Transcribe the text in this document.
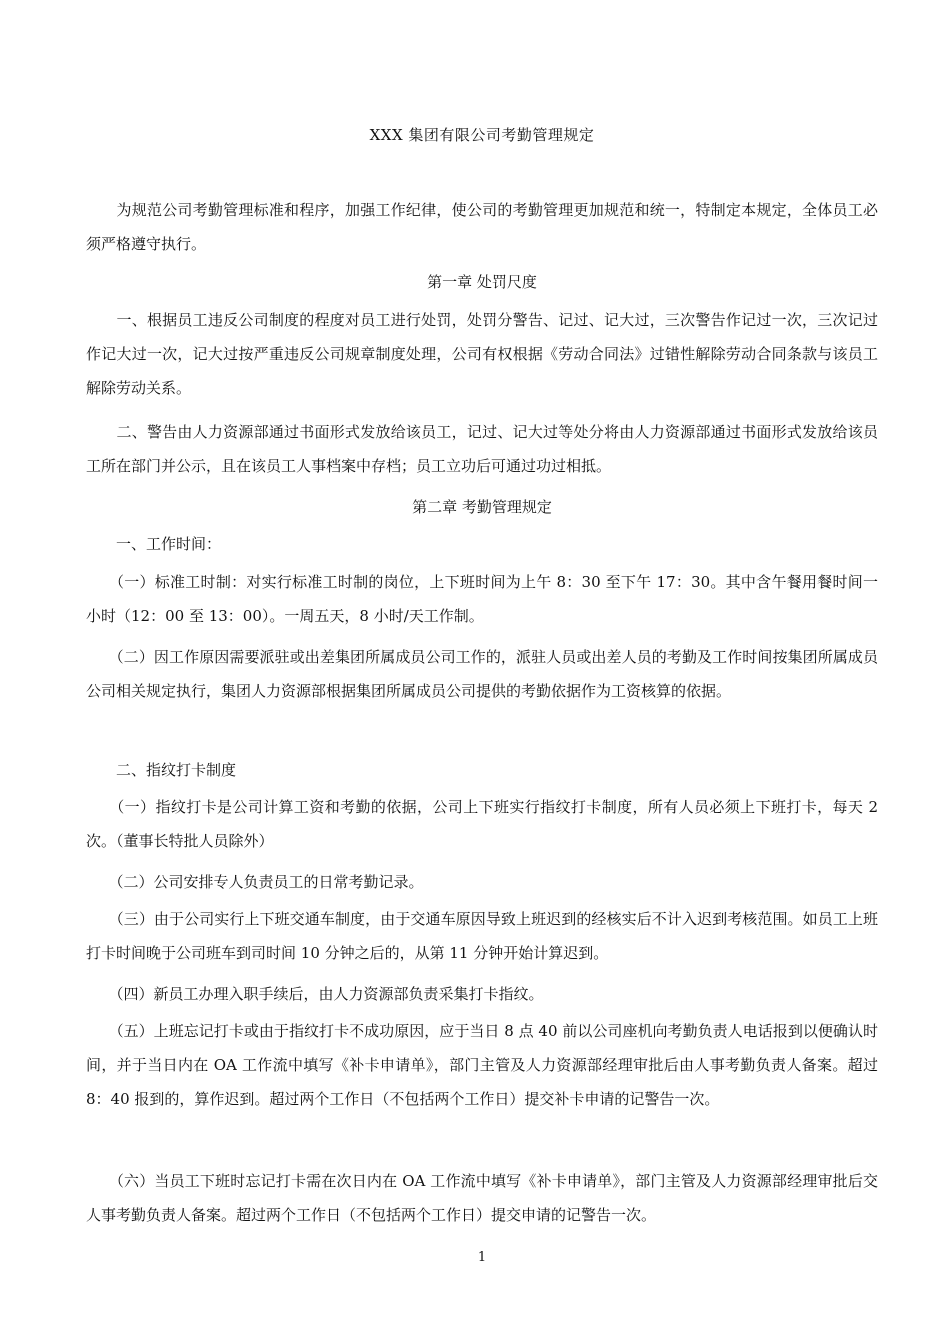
XXX 集团有限公司考勤管理规定

　　为规范公司考勤管理标准和程序，加强工作纪律，使公司的考勤管理更加规范和统一，特制定本规定，全体员工必须严格遵守执行。

第一章 处罚尺度

　　一、根据员工违反公司制度的程度对员工进行处罚，处罚分警告、记过、记大过，三次警告作记过一次，三次记过作记大过一次，记大过按严重违反公司规章制度处理，公司有权根据《劳动合同法》过错性解除劳动合同条款与该员工解除劳动关系。

　　二、警告由人力资源部通过书面形式发放给该员工，记过、记大过等处分将由人力资源部通过书面形式发放给该员工所在部门并公示，且在该员工人事档案中存档；员工立功后可通过功过相抵。

第二章 考勤管理规定

　　一、工作时间：

　　（一）标准工时制：对实行标准工时制的岗位，上下班时间为上午 8：30 至下午 17：30。其中含午餐用餐时间一小时（12：00 至 13：00）。一周五天，8 小时/天工作制。

　　（二）因工作原因需要派驻或出差集团所属成员公司工作的，派驻人员或出差人员的考勤及工作时间按集团所属成员公司相关规定执行，集团人力资源部根据集团所属成员公司提供的考勤依据作为工资核算的依据。

　　二、指纹打卡制度

　　（一）指纹打卡是公司计算工资和考勤的依据，公司上下班实行指纹打卡制度，所有人员必须上下班打卡，每天 2 次。（董事长特批人员除外）

　　（二）公司安排专人负责员工的日常考勤记录。

　　（三）由于公司实行上下班交通车制度，由于交通车原因导致上班迟到的经核实后不计入迟到考核范围。如员工上班打卡时间晚于公司班车到司时间 10 分钟之后的，从第 11 分钟开始计算迟到。

　　（四）新员工办理入职手续后，由人力资源部负责采集打卡指纹。

　　（五）上班忘记打卡或由于指纹打卡不成功原因，应于当日 8 点 40 前以公司座机向考勤负责人电话报到以便确认时间，并于当日内在 OA 工作流中填写《补卡申请单》，部门主管及人力资源部经理审批后由人事考勤负责人备案。超过 8：40 报到的，算作迟到。超过两个工作日（不包括两个工作日）提交补卡申请的记警告一次。

　　（六）当员工下班时忘记打卡需在次日内在 OA 工作流中填写《补卡申请单》，部门主管及人力资源部经理审批后交人事考勤负责人备案。超过两个工作日（不包括两个工作日）提交申请的记警告一次。

1
